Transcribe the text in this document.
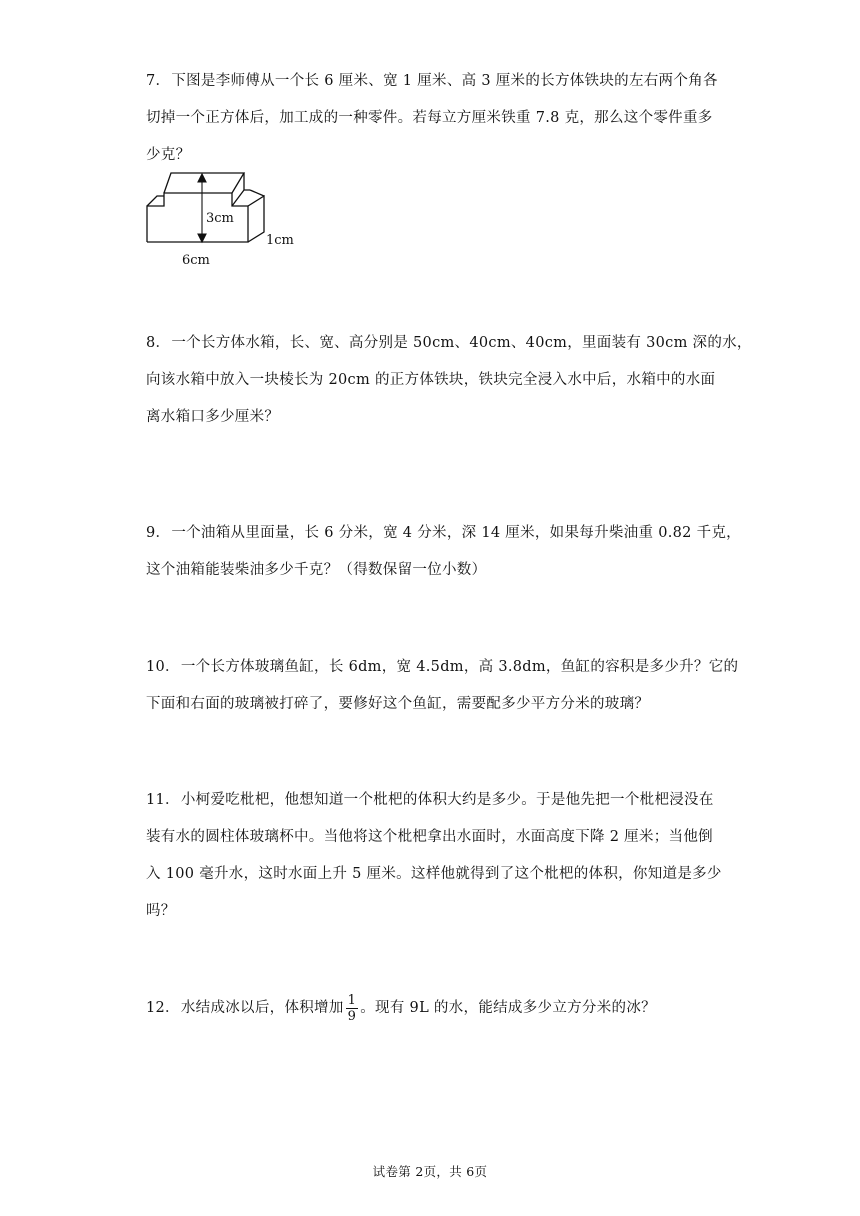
7．下图是李师傅从一个长 6 厘米、宽 1 厘米、高 3 厘米的长方体铁块的左右两个角各

切掉一个正方体后，加工成的一种零件。若每立方厘米铁重 7.8 克，那么这个零件重多

少克？

3cm
1cm
6cm

8．一个长方体水箱，长、宽、高分别是 50cm、40cm、40cm，里面装有 30cm 深的水，

向该水箱中放入一块棱长为 20cm 的正方体铁块，铁块完全浸入水中后，水箱中的水面

离水箱口多少厘米？

9．一个油箱从里面量，长 6 分米，宽 4 分米，深 14 厘米，如果每升柴油重 0.82 千克，

这个油箱能装柴油多少千克？（得数保留一位小数）

10．一个长方体玻璃鱼缸，长 6dm，宽 4.5dm，高 3.8dm，鱼缸的容积是多少升？它的

下面和右面的玻璃被打碎了，要修好这个鱼缸，需要配多少平方分米的玻璃？

11．小柯爱吃枇杷，他想知道一个枇杷的体积大约是多少。于是他先把一个枇杷浸没在

装有水的圆柱体玻璃杯中。当他将这个枇杷拿出水面时，水面高度下降 2 厘米；当他倒

入 100 毫升水，这时水面上升 5 厘米。这样他就得到了这个枇杷的体积，你知道是多少

吗？

12．水结成冰以后，体积增加 $\frac{1}{9}$ 。现有 9L 的水，能结成多少立方分米的冰？

试卷第 2页，共 6页
